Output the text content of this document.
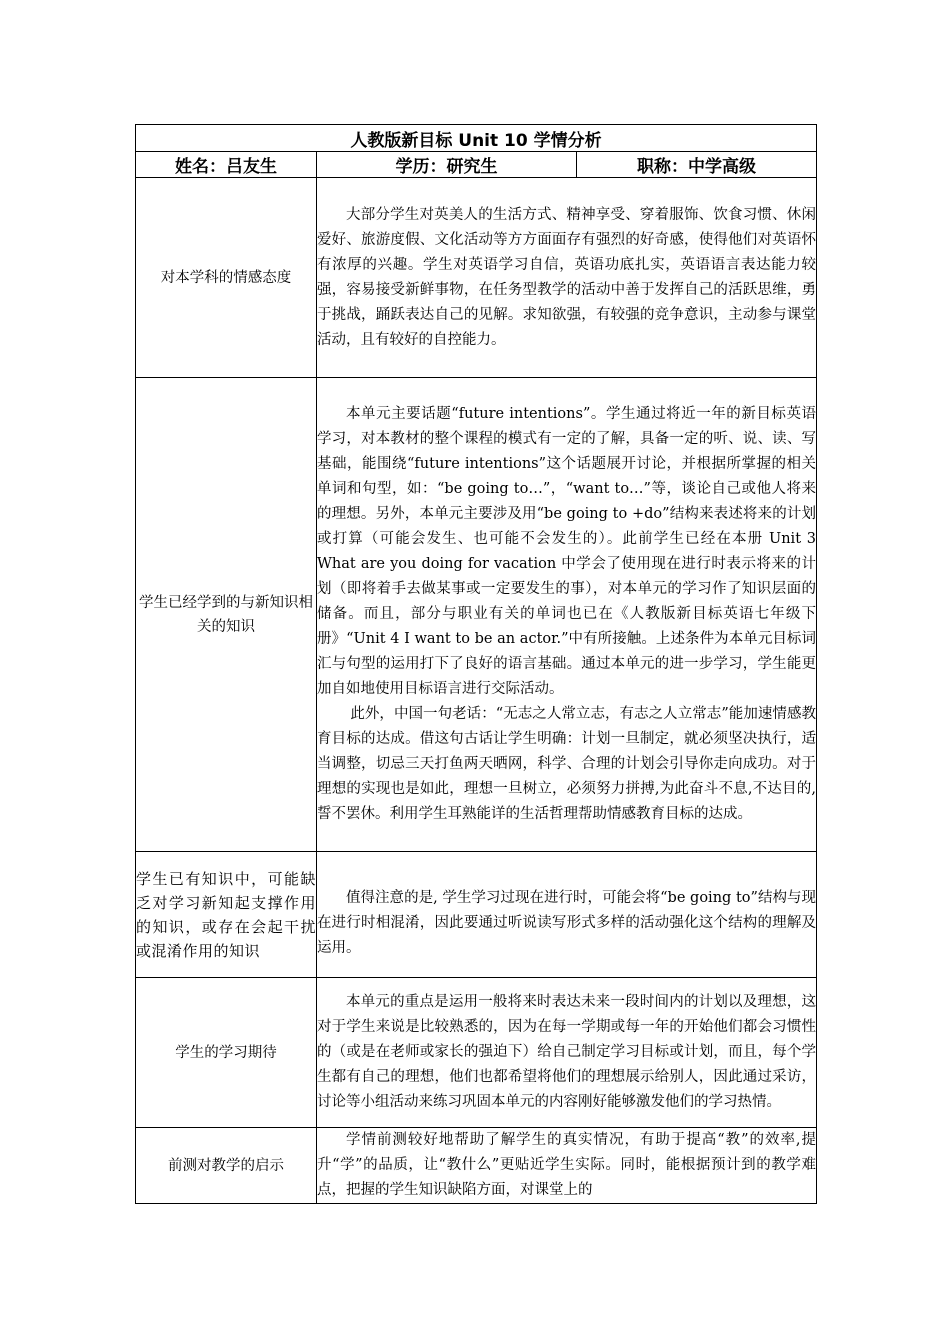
人教版新目标 Unit 10 学情分析		
姓名：吕友生	学历：研究生	职称：中学高级
对本学科的情感态度	大部分学生对英美人的生活方式、精神享受、穿着服饰、饮食习惯、休闲爱好、旅游度假、文化活动等方方面面存有强烈的好奇感，使得他们对英语怀有浓厚的兴趣。学生对英语学习自信，英语功底扎实，英语语言表达能力较强，容易接受新鲜事物，在任务型教学的活动中善于发挥自己的活跃思维，勇于挑战，踊跃表达自己的见解。求知欲强，有较强的竞争意识，主动参与课堂活动，且有较好的自控能力。	

学生已经学到的与新知识相关的知识	本单元主要话题“future intentions”。学生通过将近一年的新目标英语学习，对本教材的整个课程的模式有一定的了解，具备一定的听、说、读、写基础，能围绕“future intentions”这个话题展开讨论，并根据所掌握的相关单词和句型，如：“be going to…”，“want to…”等，谈论自己或他人将来的理想。另外，本单元主要涉及用“be going to +do”结构来表述将来的计划或打算（可能会发生、也可能不会发生的）。此前学生已经在本册 Unit 3 What are you doing for vacation 中学会了使用现在进行时表示将来的计划（即将着手去做某事或一定要发生的事），对本单元的学习作了知识层面的储备。而且，部分与职业有关的单词也已在《人教版新目标英语七年级下册》“Unit 4 I want to be an actor.”中有所接触。上述条件为本单元目标词汇与句型的运用打下了良好的语言基础。通过本单元的进一步学习，学生能更加自如地使用目标语言进行交际活动。

此外，中国一句老话：“无志之人常立志，有志之人立常志”能加速情感教育目标的达成。借这句古话让学生明确：计划一旦制定，就必须坚决执行，适当调整，切忌三天打鱼两天晒网，科学、合理的计划会引导你走向成功。对于理想的实现也是如此，理想一旦树立，必须努力拼搏,为此奋斗不息,不达目的,誓不罢休。利用学生耳熟能详的生活哲理帮助情感教育目标的达成。	

学生已有知识中，可能缺乏对学习新知起支撑作用的知识，或存在会起干扰或混淆作用的知识	值得注意的是, 学生学习过现在进行时，可能会将“be going to”结构与现在进行时相混淆，因此要通过听说读写形式多样的活动强化这个结构的理解及运用。	

学生的学习期待	本单元的重点是运用一般将来时表达未来一段时间内的计划以及理想，这对于学生来说是比较熟悉的，因为在每一学期或每一年的开始他们都会习惯性的（或是在老师或家长的强迫下）给自己制定学习目标或计划，而且，每个学生都有自己的理想，他们也都希望将他们的理想展示给别人，因此通过采访，讨论等小组活动来练习巩固本单元的内容刚好能够激发他们的学习热情。	

前测对教学的启示	学情前测较好地帮助了解学生的真实情况，有助于提高“教”的效率,提升“学”的品质，让“教什么”更贴近学生实际。同时，能根据预计到的教学难点，把握的学生知识缺陷方面，对课堂上的	
